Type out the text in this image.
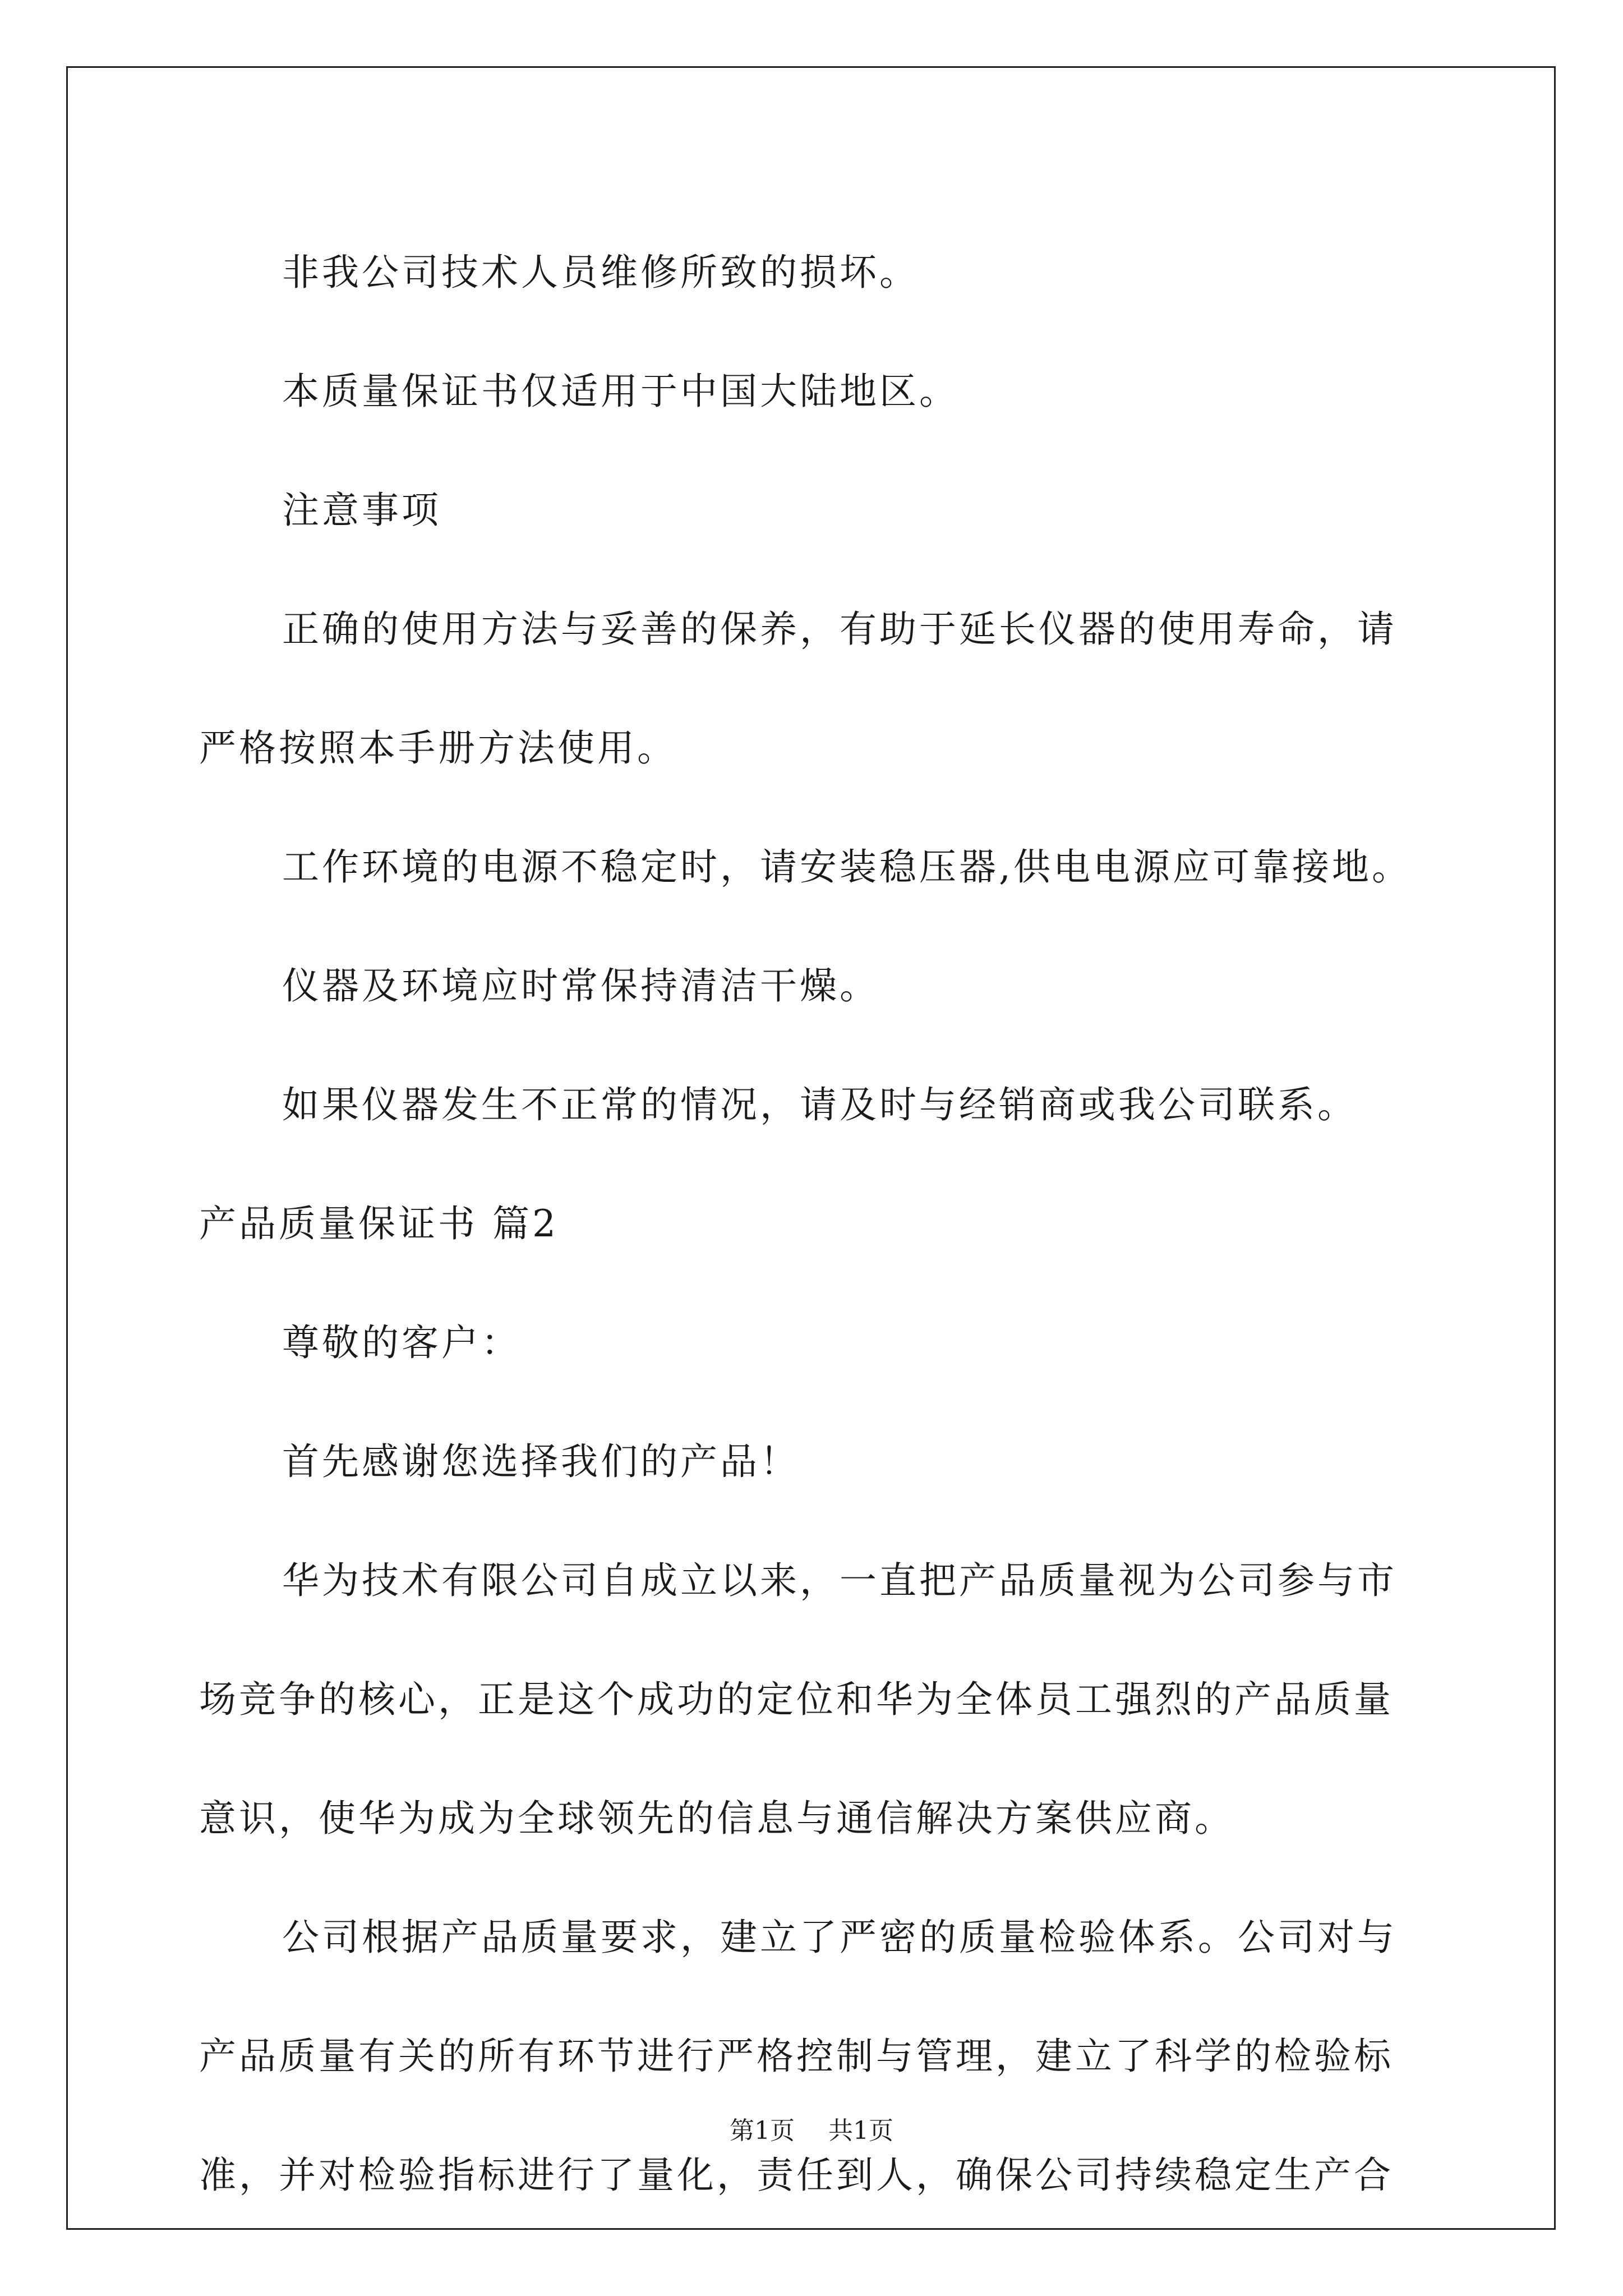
非我公司技术人员维修所致的损坏。

本质量保证书仅适用于中国大陆地区。

注意事项

正确的使用方法与妥善的保养，有助于延长仪器的使用寿命，请

严格按照本手册方法使用。

工作环境的电源不稳定时，请安装稳压器,供电电源应可靠接地。

仪器及环境应时常保持清洁干燥。

如果仪器发生不正常的情况，请及时与经销商或我公司联系。

产品质量保证书 篇2

尊敬的客户：

首先感谢您选择我们的产品！

华为技术有限公司自成立以来，一直把产品质量视为公司参与市

场竞争的核心，正是这个成功的定位和华为全体员工强烈的产品质量

意识，使华为成为全球领先的信息与通信解决方案供应商。

公司根据产品质量要求，建立了严密的质量检验体系。公司对与

产品质量有关的所有环节进行严格控制与管理，建立了科学的检验标

准，并对检验指标进行了量化，责任到人，确保公司持续稳定生产合

第1页 共1页
